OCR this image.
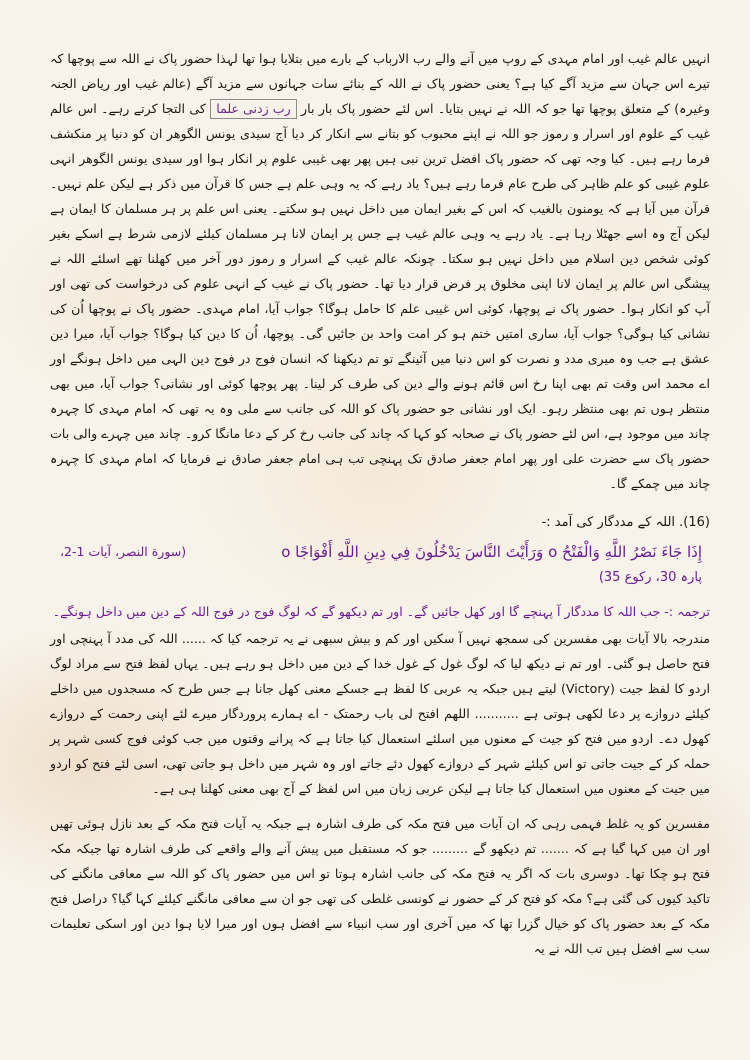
انہیں عالم غیب اور امام مہدی کے روپ میں آنے والے رب الارباب کے بارے میں بتلایا ہوا تھا لہذا حضور پاک نے اللہ سے پوچھا کہ تیرے اس جہان سے مزید آگے کیا ہے؟ یعنی حضور پاک نے اللہ کے بنائے سات جہانوں سے مزید آگے (عالم غیب اور ریاض الجنہ وغیرہ) کے متعلق پوچھا تھا جو کہ اللہ نے نہیں بتایا۔ اس لئے حضور پاک بار بار رب زدنی علما کی التجا کرتے رہے۔ اس عالم غیب کے علوم اور اسرار و رموز جو اللہ نے اپنے محبوب کو بتانے سے انکار کر دیا آج سیدی یونس الگوھر ان کو دنیا پر منکشف فرما رہے ہیں۔ کیا وجہ تھی کہ حضور پاک افضل ترین نبی ہیں پھر بھی غیبی علوم پر انکار ہوا اور سیدی یونس الگوھر انہی علوم غیبی کو علم ظاہر کی طرح عام فرما رہے ہیں؟ یاد رہے کہ یہ وہی علم ہے جس کا قرآن میں ذکر ہے لیکن علم نہیں۔ قرآن میں آیا ہے کہ یومنون بالغیب کہ اس کے بغیر ایمان میں داخل نہیں ہو سکتے۔ یعنی اس علم پر ہر مسلمان کا ایمان ہے لیکن آج وہ اسے جھٹلا رہا ہے۔ یاد رہے یہ وہی عالم غیب ہے جس پر ایمان لانا ہر مسلمان کیلئے لازمی شرط ہے اسکے بغیر کوئی شخص دین اسلام میں داخل نہیں ہو سکتا۔ چونکہ عالم غیب کے اسرار و رموز دور آخر میں کھلنا تھے اسلئے اللہ نے پیشگی اس عالم پر ایمان لانا اپنی مخلوق پر فرض قرار دیا تھا۔ حضور پاک نے غیب کے انہی علوم کی درخواست کی تھی اور آپ کو انکار ہوا۔ حضور پاک نے پوچھا، کوئی اس غیبی علم کا حامل ہوگا؟ جواب آیا، امام مہدی۔ حضور پاک نے پوچھا اُن کی نشانی کیا ہوگی؟ جواب آیا، ساری امتیں ختم ہو کر امت واحد بن جائیں گی۔ پوچھا، اُن کا دین کیا ہوگا؟ جواب آیا، میرا دین عشق ہے جب وہ میری مدد و نصرت کو اس دنیا میں آئینگے تو تم دیکھنا کہ انسان فوج در فوج دین الہی میں داخل ہونگے اور اے محمد اس وقت تم بھی اپنا رخ اس قائم ہونے والے دین کی طرف کر لینا۔ پھر پوچھا کوئی اور نشانی؟ جواب آیا، میں بھی منتظر ہوں تم بھی منتظر رہو۔ ایک اور نشانی جو حضور پاک کو اللہ کی جانب سے ملی وہ یہ تھی کہ امام مہدی کا چہرہ چاند میں موجود ہے، اس لئے حضور پاک نے صحابہ کو کہا کہ چاند کی جانب رخ کر کے دعا مانگا کرو۔ چاند میں چہرے والی بات حضور پاک سے حضرت علی اور پھر امام جعفر صادق تک پہنچی تب ہی امام جعفر صادق نے فرمایا کہ امام مہدی کا چہرہ چاند میں چمکے گا۔

(16). اللہ کے مددگار کی آمد :-

إِذَا جَاءَ نَصْرُ اللَّهِ وَالْفَتْحُ o وَرَأَيْتَ النَّاسَ يَدْخُلُونَ فِي دِينِ اللَّهِ أَفْوَاجًا o
(سورة النصر، آیات 1-2،
پارہ 30، رکوع 35)

ترجمہ :- جب اللہ کا مددگار آ پہنچے گا اور کھل جائیں گے۔ اور تم دیکھو گے کہ لوگ فوج در فوج اللہ کے دین میں داخل ہونگے۔

مندرجہ بالا آیات بھی مفسرین کی سمجھ نہیں آ سکیں اور کم و بیش سبھی نے یہ ترجمہ کیا کہ ...... اللہ کی مدد آ پہنچی اور فتح حاصل ہو گئی۔ اور تم نے دیکھ لیا کہ لوگ غول کے غول خدا کے دین میں داخل ہو رہے ہیں۔ یہاں لفظ فتح سے مراد لوگ اردو کا لفظ جیت (Victory) لیتے ہیں جبکہ یہ عربی کا لفظ ہے جسکے معنی کھل جانا ہے جس طرح کہ مسجدوں میں داخلے کیلئے دروازے پر دعا لکھی ہوتی ہے ........... اللھم افتح لی باب رحمتک - اے ہمارے پروردگار میرے لئے اپنی رحمت کے دروازے کھول دے۔ اردو میں فتح کو جیت کے معنوں میں اسلئے استعمال کیا جاتا ہے کہ پرانے وقتوں میں جب کوئی فوج کسی شہر پر حملہ کر کے جیت جاتی تو اس کیلئے شہر کے دروازے کھول دئے جاتے اور وہ شہر میں داخل ہو جاتی تھی، اسی لئے فتح کو اردو میں جیت کے معنوں میں استعمال کیا جاتا ہے لیکن عربی زبان میں اس لفظ کے آج بھی معنی کھلنا ہی ہے۔

مفسرین کو یہ غلط فہمی رہی کہ ان آیات میں فتح مکہ کی طرف اشارہ ہے جبکہ یہ آیات فتح مکہ کے بعد نازل ہوئی تھیں اور ان میں کہا گیا ہے کہ ....... تم دیکھو گے ......... جو کہ مستقبل میں پیش آنے والے واقعے کی طرف اشارہ تھا جبکہ مکہ فتح ہو چکا تھا۔ دوسری بات کہ اگر یہ فتح مکہ کی جانب اشارہ ہوتا تو اس میں حضور پاک کو اللہ سے معافی مانگنے کی تاکید کیوں کی گئی ہے؟ مکہ کو فتح کر کے حضور نے کونسی غلطی کی تھی جو ان سے معافی مانگنے کیلئے کہا گیا؟ دراصل فتح مکہ کے بعد حضور پاک کو خیال گزرا تھا کہ میں آخری اور سب انبیاء سے افضل ہوں اور میرا لایا ہوا دین اور اسکی تعلیمات سب سے افضل ہیں تب اللہ نے یہ
